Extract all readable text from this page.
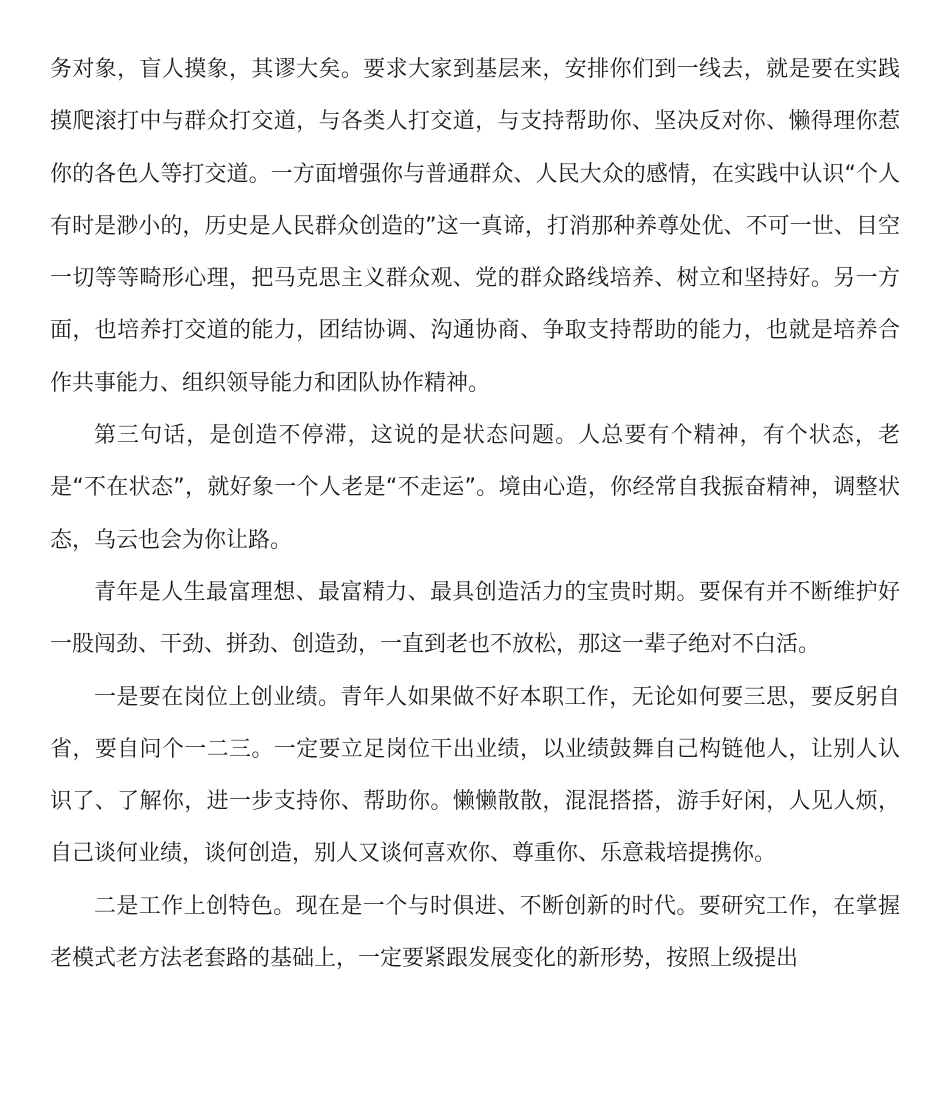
务对象，盲人摸象，其谬大矣。要求大家到基层来，安排你们到一线去，就是要在实践摸爬滚打中与群众打交道，与各类人打交道，与支持帮助你、坚决反对你、懒得理你惹你的各色人等打交道。一方面增强你与普通群众、人民大众的感情，在实践中认识“个人有时是渺小的，历史是人民群众创造的”这一真谛，打消那种养尊处优、不可一世、目空一切等等畸形心理，把马克思主义群众观、党的群众路线培养、树立和坚持好。另一方面，也培养打交道的能力，团结协调、沟通协商、争取支持帮助的能力，也就是培养合作共事能力、组织领导能力和团队协作精神。

第三句话，是创造不停滞，这说的是状态问题。人总要有个精神，有个状态，老是“不在状态”，就好象一个人老是“不走运”。境由心造，你经常自我振奋精神，调整状态，乌云也会为你让路。

青年是人生最富理想、最富精力、最具创造活力的宝贵时期。要保有并不断维护好一股闯劲、干劲、拼劲、创造劲，一直到老也不放松，那这一辈子绝对不白活。

一是要在岗位上创业绩。青年人如果做不好本职工作，无论如何要三思，要反躬自省，要自问个一二三。一定要立足岗位干出业绩，以业绩鼓舞自己构链他人，让别人认识了、了解你，进一步支持你、帮助你。懒懒散散，混混搭搭，游手好闲，人见人烦，自己谈何业绩，谈何创造，别人又谈何喜欢你、尊重你、乐意栽培提携你。

二是工作上创特色。现在是一个与时俱进、不断创新的时代。要研究工作，在掌握老模式老方法老套路的基础上，一定要紧跟发展变化的新形势，按照上级提出
